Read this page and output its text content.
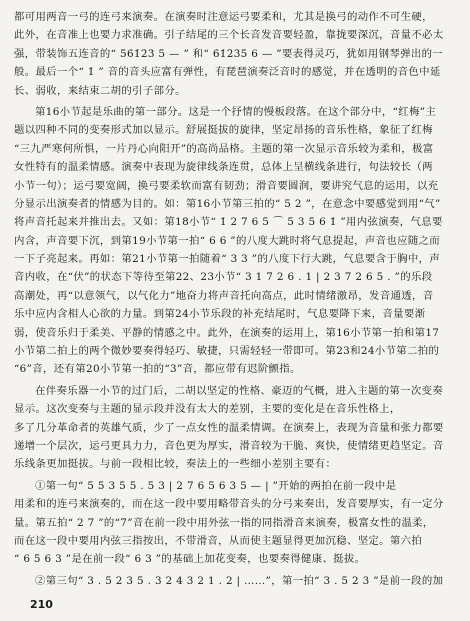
都可用两音一弓的连弓来演奏。在演奏时注意运弓要柔和，尤其是换弓的动作不可生硬，
此外，在音准上也要力求准确。引子结尾的三个长音发音要轻盈，靠拢要深沉，音量不必太
强，带装饰五连音的“ 5̇6̇1̇2̇3̇ 5 — ” 和“ 6̇1̇2̇3̇5̇ 6 — ”要表得灵巧，犹如用钢琴弹出的一
般。最后一个“ 1̇ ” 音的音头应富有弹性，有琵琶演奏泛音时的感觉，并在透明的音色中延
长、弱收，来结束二胡的引子部分。
第16小节起是乐曲的第一部分。这是一个抒情的慢板段落。在这个部分中，“红梅”主
题以四种不同的变奏形式加以显示。舒展挺拔的旋律，坚定昂扬的音乐性格，象征了红梅
“三九严寒何所惧，一片丹心向阳开”的高尚品格。主题的第一次显示音乐较为柔和，极富
女性特有的温柔情感。演奏中表现为旋律线条连贯，总体上呈横线条进行，句法较长（两
小节一句）；运弓要宽阔，换弓要柔软而富有韧劲；滑音要圆润，要讲究气息的运用，以充
分显示出演奏者的情感为目的。如：第16小节第三拍的“ 5 2 ”，在意念中要感觉到用“气”
将声音托起来并推出去。又如：第18小节“ 1̇ 2 7 6 5 ⌒ 5 3 5 6 1̇ ”用内弦演奏，气息要
内含，声音要下沉，到第19小节第一拍“ 6 6 ”的八度大跳时将气息提起，声音也应随之而
一下子亮起来。再如：第21小节第一拍随着“ 3 3 ”的八度下行大跳，气息要含于胸中，声
音内收，在“伏”的状态下等待至第22、23小节“ 3 1 7 2 6 . 1 | 2 3 7 2 6 5 . ”的乐段
高潮处，再“以意领气，以气化力”地奋力将声音托向高点，此时情绪激昂，发音通透，音
乐中应内含相人心欲的力量。到第24小节乐段的补充结尾时，气息要降下来，音量要渐
弱，使音乐归于柔美、平静的情感之中。此外，在演奏的运用上，第16小节第一拍和第17
小节第二拍上的两个微妙要奏得轻巧、敏捷，只需轻轻一带即可。第23和24小节第二拍的
“6”音，还有第20小节第一拍的“3”音，都应带有迟阶颤指。
在伴奏乐器一小节的过门后，二胡以坚定的性格、豪迈的气概，进入主题的第一次变奏
显示。这次变奏与主题的显示段并没有太大的差别，主要的变化是在音乐性格上，
多了几分革命者的英雄气质，少了一点女性的温柔情调。在演奏上，表现为音量和张力都要
递增一个层次，运弓更具力力，音色更为厚实，滑音较为干脆、爽快，使情绪更趋坚定。音
乐线条更加挺拔。与前一段相比较，奏法上的一些细小差别主要有：
①第一句“ 5 5 3 5 5 . 5 3 | 2 7 6 5 6 3 5 — | ”开始的两拍在前一段中是
用柔和的连弓来演奏的，而在这一段中要用略带音头的分弓来奏出，发音要厚实，有一定分
量。第五拍“ 2 7 ”的“7”音在前一段中用外弦一指的同指滑音来演奏，极富女性的温柔，
而在这一段中要用内弦三指按出，不带滑音，从而使主题显得更加沉稳、坚定。第六拍
“ 6 5 6 3 ”是在前一段“ 6 3 ”的基础上加花变奏，也要奏得健康、挺拔。
②第三句“ 3 . 5 2 3 5 . 3 2 4 3 2 1 . 2 | ……”，第一拍“ 3 . 5 2 3 ”是前一段的加
210
